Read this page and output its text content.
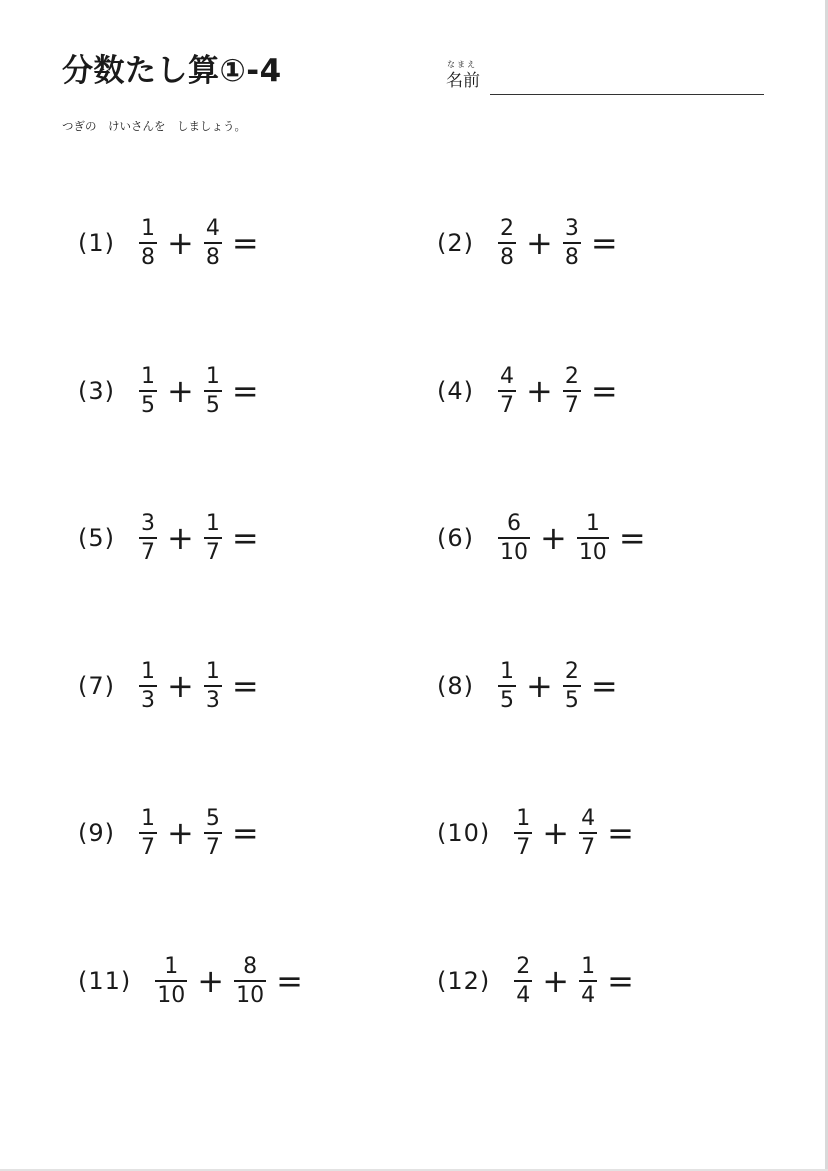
分数たし算①-4	なまえ
名前
つぎの　けいさんを　しましょう。
$(1) \frac{1}{8} + \frac{4}{8}$ =	$(2) \frac{2}{8} + \frac{3}{8}$ =
$(3) \frac{1}{5} + \frac{1}{5}$ =	$(4) \frac{4}{7} + \frac{2}{7}$ =
$(5) \frac{3}{7} + \frac{1}{7}$ =	$(6) \frac{6}{10} + \frac{1}{10}$ =
$(7) \frac{1}{3} + \frac{1}{3}$ =	$(8) \frac{1}{5} + \frac{2}{5}$ =
$(9) \frac{1}{7} + \frac{5}{7}$ =	$(10) \frac{1}{7} + \frac{4}{7}$ =
$(11) \frac{1}{10} + \frac{8}{10}$ =	$(12) \frac{2}{4} + \frac{1}{4}$ =
